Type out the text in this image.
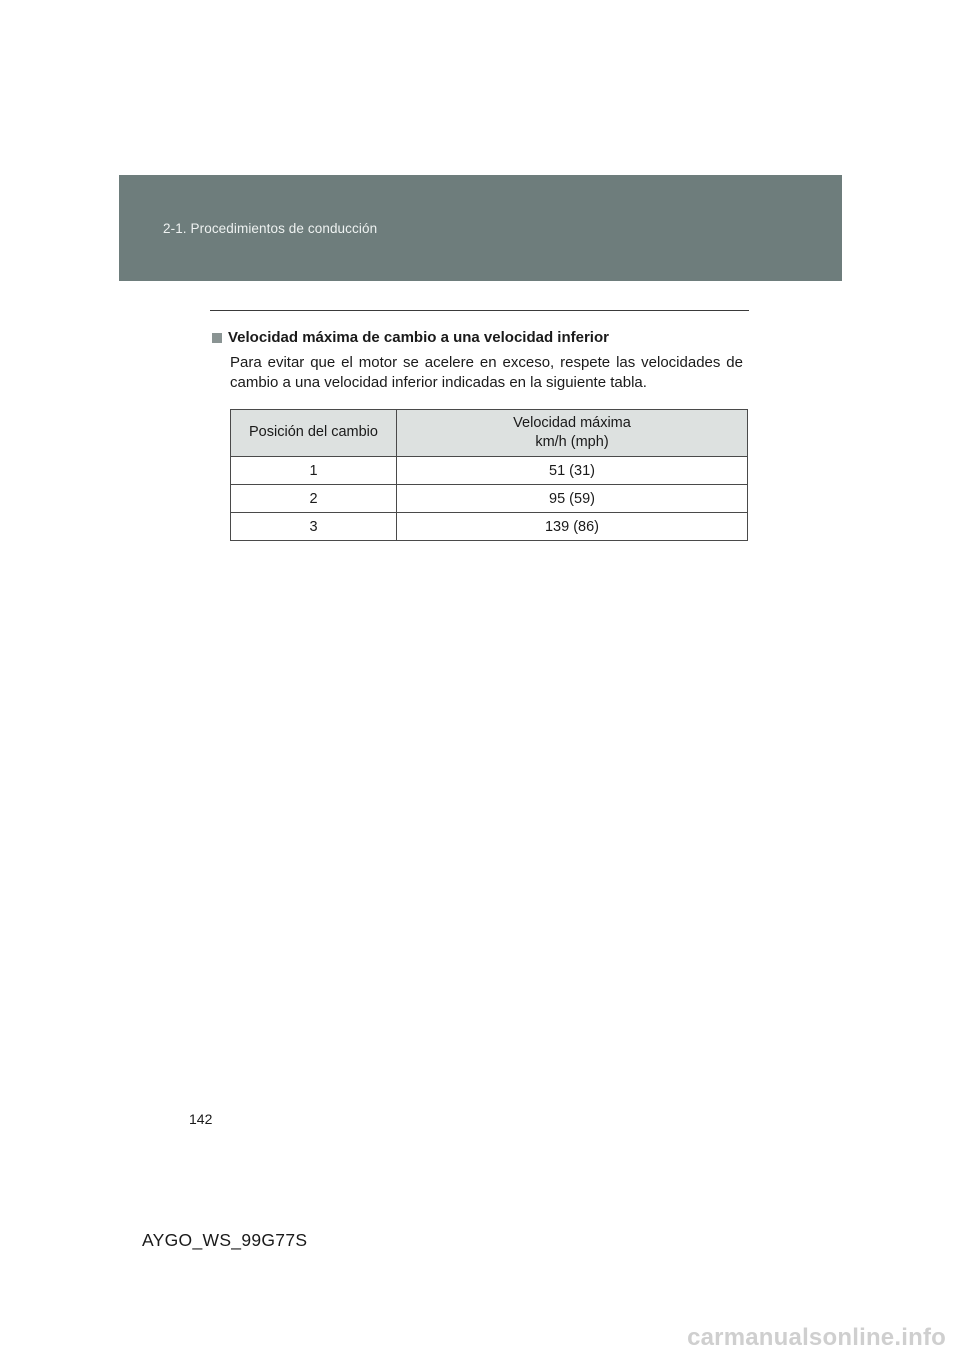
2-1. Procedimientos de conducción
Velocidad máxima de cambio a una velocidad inferior
Para evitar que el motor se acelere en exceso, respete las velocidades de cambio a una velocidad inferior indicadas en la siguiente tabla.
Posición del cambio	Velocidad máxima
km/h (mph)

1	51 (31)
2	95 (59)
3	139 (86)
142
AYGO_WS_99G77S
carmanualsonline.info
